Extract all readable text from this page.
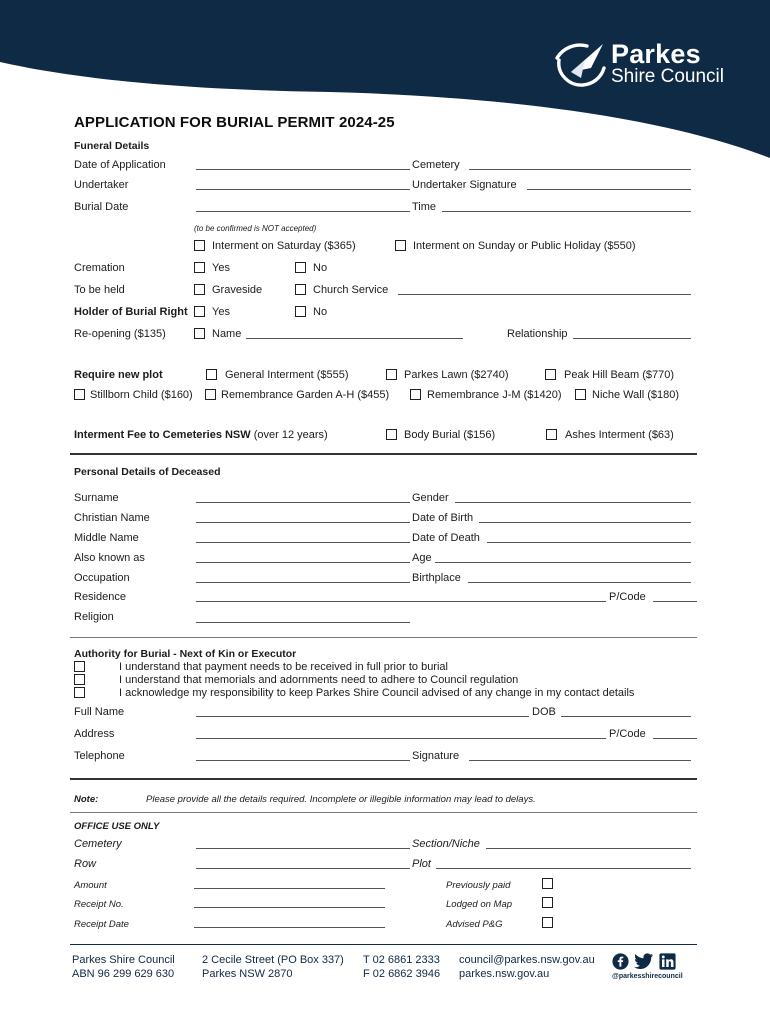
Parkes
Shire Council
APPLICATION FOR BURIAL PERMIT 2024-25
Funeral Details
Date of Application	Cemetery
Undertaker	Undertaker Signature
Burial Date	Time
(to be confirmed is NOT accepted)
Interment on Saturday ($365)	Interment on Sunday or Public Holiday ($550)
Cremation	Yes	No
To be held	Graveside	Church Service
Holder of Burial Right Yes	No
Re-opening ($135)	Name	Relationship
Require new plot	General Interment ($555)	Parkes Lawn ($2740)	Peak Hill Beam ($770)
Stillborn Child ($160)	Remembrance Garden A-H ($455)	Remembrance J-M ($1420)	Niche Wall ($180)
Interment Fee to Cemeteries NSW (over 12 years)	Body Burial ($156)	Ashes Interment ($63)
Personal Details of Deceased
Surname	Gender
Christian Name	Date of Birth
Middle Name	Date of Death
Also known as	Age
Occupation	Birthplace
Residence	P/Code
Religion
Authority for Burial - Next of Kin or Executor
I understand that payment needs to be received in full prior to burial
I understand that memorials and adornments need to adhere to Council regulation
I acknowledge my responsibility to keep Parkes Shire Council advised of any change in my contact details
Full Name	DOB
Address	P/Code
Telephone	Signature
Note:	Please provide all the details required. Incomplete or illegible information may lead to delays.
OFFICE USE ONLY
Cemetery	Section/Niche
Row	Plot
Amount	Previously paid
Receipt No.	Lodged on Map
Receipt Date	Advised P&G
Parkes Shire Council
ABN 96 299 629 630
2 Cecile Street (PO Box 337)
Parkes NSW 2870
T 02 6861 2333
F 02 6862 3946
council@parkes.nsw.gov.au
parkes.nsw.gov.au	@parkesshirecouncil
